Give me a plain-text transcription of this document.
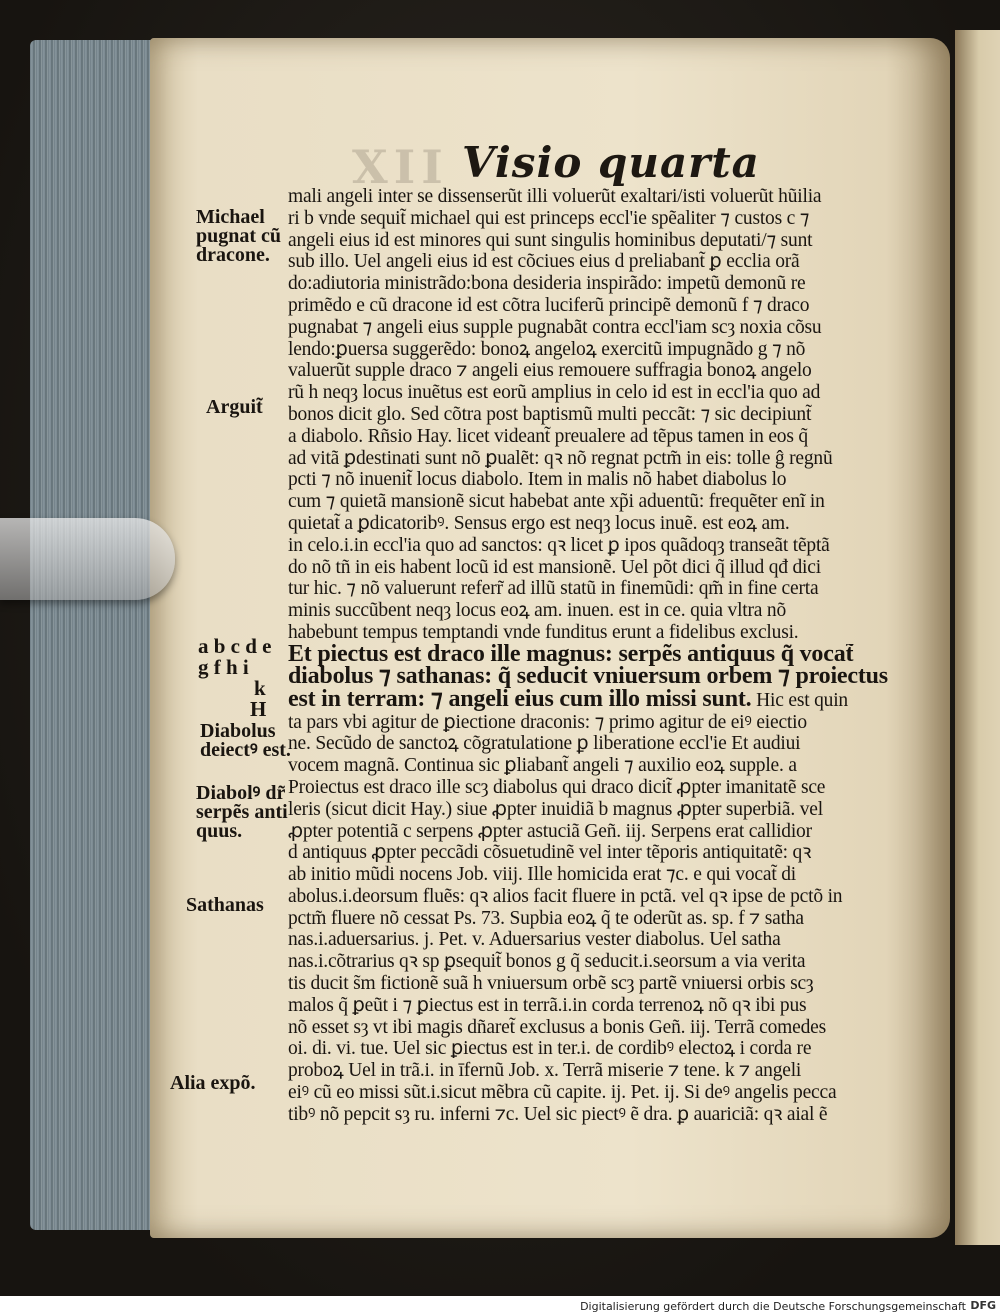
XII Visio quarta
mali angeli inter se dissenserũt illi voluerũt exaltari/isti voluerũt hũilia
ri b vnde sequit̃ michael qui est princeps eccl'ie spẽaliter ⁊ custos c ⁊
angeli eius id est minores qui sunt singulis hominibus deputati/⁊ sunt
sub illo. Uel angeli eius id est cõciues eius d preliabant̃ ꝑ ecclia orã
do:adiutoria ministrãdo:bona desideria inspirãdo: impetũ demonũ re
primẽdo e cũ dracone id est cõtra luciferũ principẽ demonũ f ⁊ draco
pugnabat ⁊ angeli eius supple pugnabãt contra eccl'iam scȝ noxia cõsu
lendo:ꝑuersa suggerẽdo: bonoꝝ angeloꝝ exercitũ impugnãdo g ⁊ nõ
valuerũt supple draco ⁊ angeli eius remouere suffragia bonoꝝ angelo
rũ h neqȝ locus inuẽtus est eorũ amplius in celo id est in eccl'ia quo ad
bonos dicit glo. Sed cõtra post baptismũ multi peccãt: ⁊ sic decipiunt̃
a diabolo. Rñsio Hay. licet videant̃ preualere ad tẽpus tamen in eos q̃
ad vitã ꝑdestinati sunt nõ ꝑualẽt: qꝛ nõ regnat pctm̃ in eis: tolle ĝ regnũ
pcti ⁊ nõ inuenit̃ locus diabolo. Item in malis nõ habet diabolus lo
cum ⁊ quietã mansionẽ sicut habebat ante xp̃i aduentũ: frequẽter enĩ in
quietat̃ a ꝑdicatoribꝰ. Sensus ergo est neqȝ locus inuẽ. est eoꝝ am.
in celo.i.in eccl'ia quo ad sanctos: qꝛ licet ꝑ ipos quãdoqȝ transeãt tẽptã
do nõ tñ in eis habent locũ id est mansionẽ. Uel põt dici q̃ illud qđ dici
tur hic. ⁊ nõ valuerunt referr̃ ad illũ statũ in finemũdi: qm̃ in fine certa
minis succũbent neqȝ locus eoꝝ am. inuen. est in ce. quia vltra nõ
habebunt tempus temptandi vnde funditus erunt a fidelibus exclusi.
Et piectus est draco ille magnus: serpẽs antiquus q̃ vocat̃
diabolus ⁊ sathanas: q̃ seducit vniuersum orbem ⁊ proiectus
est in terram: ⁊ angeli eius cum illo missi sunt. Hic est quin
ta pars vbi agitur de ꝑiectione draconis: ⁊ primo agitur de eiꝰ eiectio
ne. Secũdo de sanctoꝝ cõgratulatione ꝑ liberatione eccl'ie Et audiui
vocem magnã. Continua sic ꝑliabant̃ angeli ⁊ auxilio eoꝝ supple. a
Proiectus est draco ille scȝ diabolus qui draco dicit̃ ꝓpter imanitatẽ sce
leris (sicut dicit Hay.) siue ꝓpter inuidiã b magnus ꝓpter superbiã. vel
ꝓpter potentiã c serpens ꝓpter astuciã Geñ. iij. Serpens erat callidior
d antiquus ꝓpter peccãdi cõsuetudinẽ vel inter tẽporis antiquitatẽ: qꝛ
ab initio mũdi nocens Job. viij. Ille homicida erat ⁊c. e qui vocat̃ di
abolus.i.deorsum fluẽs: qꝛ alios facit fluere in pctã. vel qꝛ ipse de pctõ in
pctm̃ fluere nõ cessat Ps. 73. Supbia eoꝝ q̃ te oderũt as. sp. f ⁊ satha
nas.i.aduersarius. j. Pet. v. Aduersarius vester diabolus. Uel satha
nas.i.cõtrarius qꝛ sp ꝑsequit̃ bonos g q̃ seducit.i.seorsum a via verita
tis ducit s̃m fictionẽ suã h vniuersum orbẽ scȝ partẽ vniuersi orbis scȝ
malos q̃ ꝑeũt i ⁊ ꝑiectus est in terrã.i.in corda terrenoꝝ nõ qꝛ ibi pus
nõ esset sȝ vt ibi magis dñaret̃ exclusus a bonis Geñ. iij. Terrã comedes
oi. di. vi. tue. Uel sic ꝑiectus est in ter.i. de cordibꝰ electoꝝ i corda re
proboꝝ Uel in trã.i. in īfernũ Job. x. Terrã miserie ⁊ tene. k ⁊ angeli
eiꝰ cũ eo missi sũt.i.sicut mẽbra cũ capite. ij. Pet. ij. Si deꝰ angelis pecca
tibꝰ nõ pepcit sȝ ru. inferni ⁊c. Uel sic piectꝰ ẽ dra. ꝑ auariciã: qꝛ aial ẽ
Michael
pugnat cũ
dracone.
Arguit̃
a b c d e
g f h i
k
H
Diabolus
deiectꝰ est.
Diabolꝰ dr̃
serpẽs anti
quus.
Sathanas
Alia expõ.
Digitalisierung gefördert durch die Deutsche Forschungsgemeinschaft DFG
